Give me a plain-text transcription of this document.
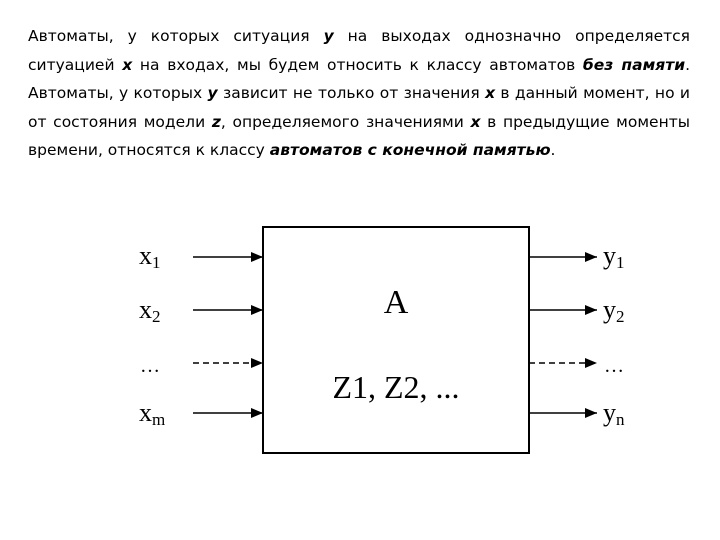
Автоматы, у которых ситуация y на выходах однозначно определяется ситуацией x на входах, мы будем относить к классу автоматов без памяти. Автоматы, у которых y зависит не только от значения x в данный момент, но и от состояния модели z, определяемого значениями x в предыдущие моменты времени, относятся к классу автоматов с конечной памятью.

A
Z1, Z2, ...
x1
x2
…
xm
y1
y2
…
yn
